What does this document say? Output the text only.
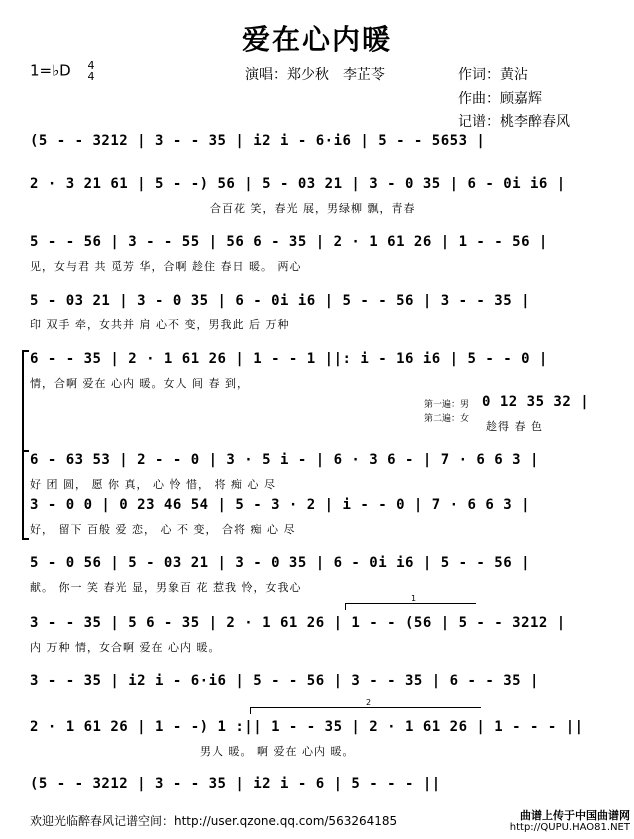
爱在心内暖
1=♭D 4
4	演唱：郑少秋　李芷苓	作词：黄沾
作曲：顾嘉辉
记谱：桃李醉春风
(5 - - 3212 | 3 - - 35 | i2 i - 6·i6 | 5 - - 5653 |
2 · 3 21 61 | 5 - -) 56 | 5 - 03 21 | 3 - 0 35 | 6 - 0i i6 |
合百花 笑，春光 展，男绿柳 飘，青春
5 - - 56 | 3 - - 55 | 56 6 - 35 | 2 · 1 61 26 | 1 - - 56 |
见，女与君 共 觅芳 华，合啊 趁住 春日 暖。 两心
5 - 03 21 | 3 - 0 35 | 6 - 0i i6 | 5 - - 56 | 3 - - 35 |
印 双手 牵，女共并 肩 心不 变，男我此 后 万种
6 - - 35 | 2 · 1 61 26 | 1 - - 1 ||: i - 16 i6 | 5 - - 0 |
情，合啊 爱在 心内 暖。女人 间 春 到，
第一遍：男
第二遍：女
0 12 35 32 |
趁得 春 色
6 - 63 53 | 2 - - 0 | 3 · 5 i - | 6 · 3 6 - | 7 · 6 6 3 |
好 团 圆， 愿 你 真， 心 怜 惜， 将 痴 心 尽
3 - 0 0 | 0 23 46 54 | 5 - 3 · 2 | i - - 0 | 7 · 6 6 3 |
好， 留下 百般 爱 恋， 心 不 变， 合将 痴 心 尽
5 - 0 56 | 5 - 03 21 | 3 - 0 35 | 6 - 0i i6 | 5 - - 56 |
献。 你一 笑 春光 显，男象百 花 惹我 怜，女我心
1
3 - - 35 | 5 6 - 35 | 2 · 1 61 26 | 1 - - (56 | 5 - - 3212 |
内 万种 情，女合啊 爱在 心内 暖。
3 - - 35 | i2 i - 6·i6 | 5 - - 56 | 3 - - 35 | 6 - - 35 |
2
2 · 1 61 26 | 1 - -) 1 :|| 1 - - 35 | 2 · 1 61 26 | 1 - - - ||
男人 暖。 啊 爱在 心内 暖。
(5 - - 3212 | 3 - - 35 | i2 i - 6 | 5 - - - ||
欢迎光临醉春风记谱空间：http://user.qzone.qq.com/563264185	曲谱上传于中国曲谱网
http://QUPU.HAO81.NET
